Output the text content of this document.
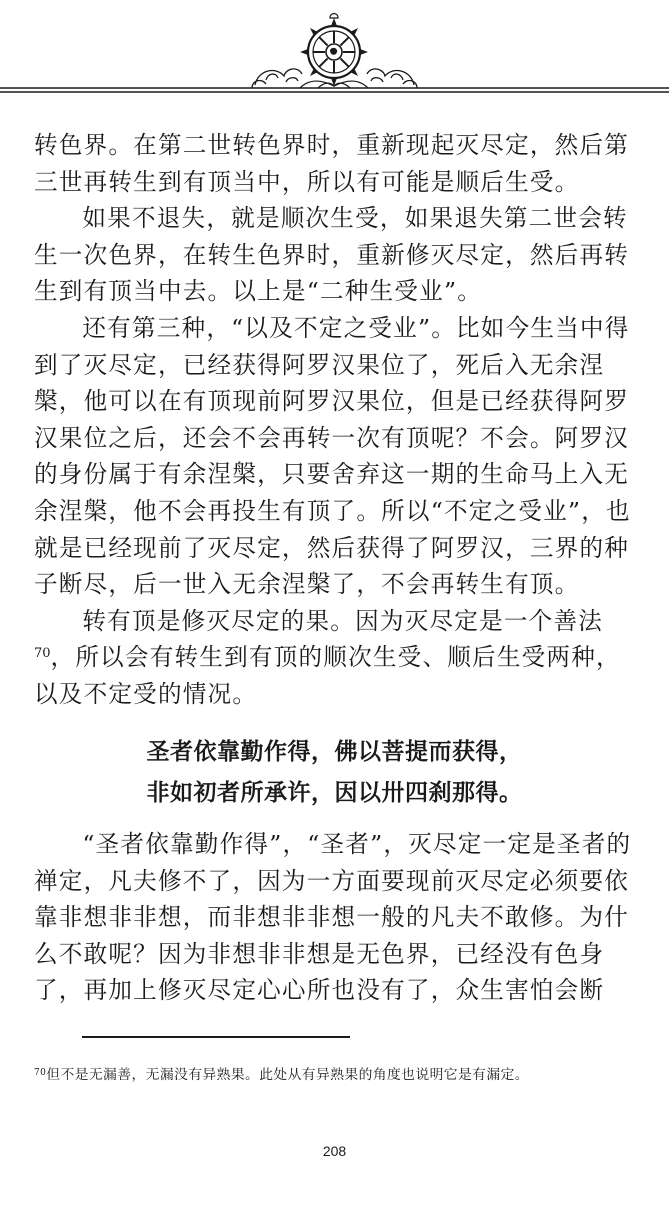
转色界。在第二世转色界时，重新现起灭尽定，然后第三世再转生到有顶当中，所以有可能是顺后生受。

如果不退失，就是顺次生受，如果退失第二世会转生一次色界，在转生色界时，重新修灭尽定，然后再转生到有顶当中去。以上是“二种生受业”。

还有第三种，“以及不定之受业”。比如今生当中得到了灭尽定，已经获得阿罗汉果位了，死后入无余涅槃，他可以在有顶现前阿罗汉果位，但是已经获得阿罗汉果位之后，还会不会再转一次有顶呢？不会。阿罗汉的身份属于有余涅槃，只要舍弃这一期的生命马上入无余涅槃，他不会再投生有顶了。所以“不定之受业”，也就是已经现前了灭尽定，然后获得了阿罗汉，三界的种子断尽，后一世入无余涅槃了，不会再转生有顶。

转有顶是修灭尽定的果。因为灭尽定是一个善法$^{70}$，所以会有转生到有顶的顺次生受、顺后生受两种，以及不定受的情况。

圣者依靠勤作得，佛以菩提而获得，
非如初者所承许，因以卅四刹那得。

“圣者依靠勤作得”，“圣者”，灭尽定一定是圣者的禅定，凡夫修不了，因为一方面要现前灭尽定必须要依靠非想非非想，而非想非非想一般的凡夫不敢修。为什么不敢呢？因为非想非非想是无色界，已经没有色身了，再加上修灭尽定心心所也没有了，众生害怕会断

$^{70}$但不是无漏善，无漏没有异熟果。此处从有异熟果的角度也说明它是有漏定。

208
